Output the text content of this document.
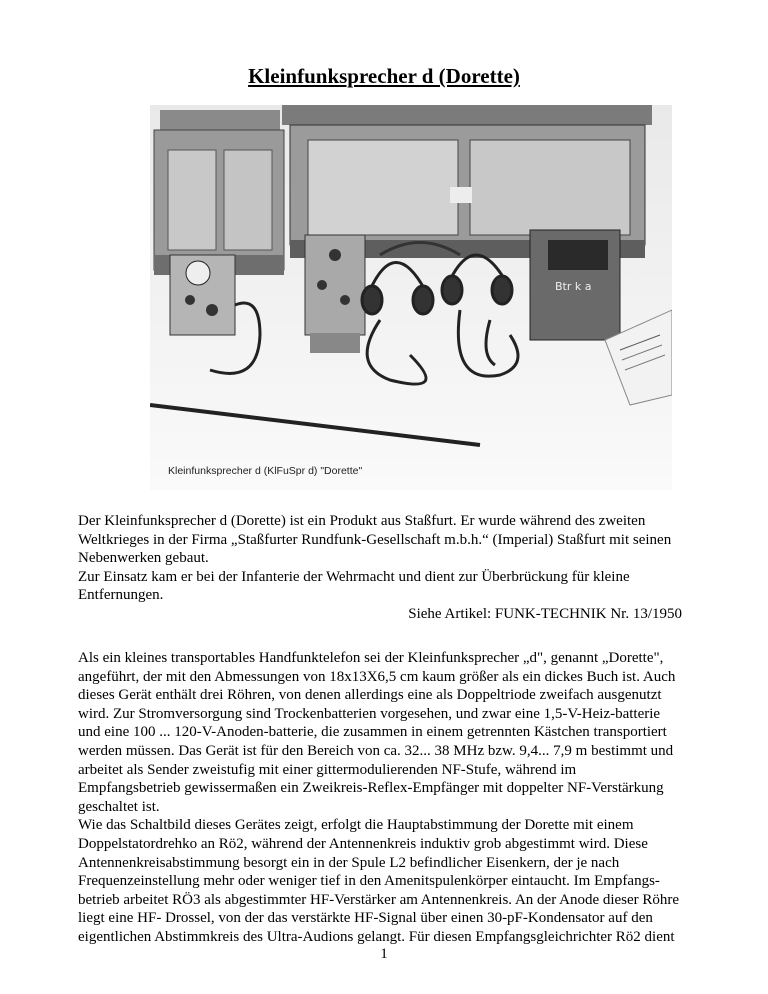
Kleinfunksprecher d (Dorette)
Btr k a
Kleinfunksprecher d (KlFuSpr d) "Dorette"
Der Kleinfunksprecher d (Dorette) ist ein Produkt aus Staßfurt. Er wurde während des zweiten
Weltkrieges in der Firma „Staßfurter Rundfunk-Gesellschaft m.b.h.“ (Imperial) Staßfurt mit seinen
Nebenwerken gebaut.
Zur Einsatz kam er bei der Infanterie der Wehrmacht und dient zur Überbrückung für kleine
Entfernungen.
Siehe Artikel: FUNK-TECHNIK Nr. 13/1950
Als ein kleines transportables Handfunktelefon sei der Kleinfunksprecher „d", genannt „Dorette",
angeführt, der mit den Abmessungen von 18x13X6,5 cm kaum größer als ein dickes Buch ist. Auch
dieses Gerät enthält drei Röhren, von denen allerdings eine als Doppeltriode zweifach ausgenutzt
wird. Zur Stromversorgung sind Trockenbatterien vorgesehen, und zwar eine 1,5-V-Heiz-batterie
und eine 100 ... 120-V-Anoden-batterie, die zusammen in einem getrennten Kästchen transportiert
werden müssen. Das Gerät ist für den Bereich von ca. 32... 38 MHz bzw. 9,4... 7,9 m bestimmt und
arbeitet als Sender zweistufig mit einer gittermodulierenden NF-Stufe, während im
Empfangsbetrieb gewissermaßen ein Zweikreis-Reflex-Empfänger mit doppelter NF-Verstärkung
geschaltet ist.
Wie das Schaltbild dieses Gerätes zeigt, erfolgt die Hauptabstimmung der Dorette mit einem
Doppelstatordrehko an Rö2, während der Antennenkreis induktiv grob abgestimmt wird. Diese
Antennenkreisabstimmung besorgt ein in der Spule L2 befindlicher Eisenkern, der je nach
Frequenzeinstellung mehr oder weniger tief in den Amenitspulenkörper eintaucht. Im Empfangs-
betrieb arbeitet RÖ3 als abgestimmter HF-Verstärker am Antennenkreis. An der Anode dieser Röhre
liegt eine HF- Drossel, von der das verstärkte HF-Signal über einen 30-pF-Kondensator auf den
eigentlichen Abstimmkreis des Ultra-Audions gelangt. Für diesen Empfangsgleichrichter Rö2 dient
1
